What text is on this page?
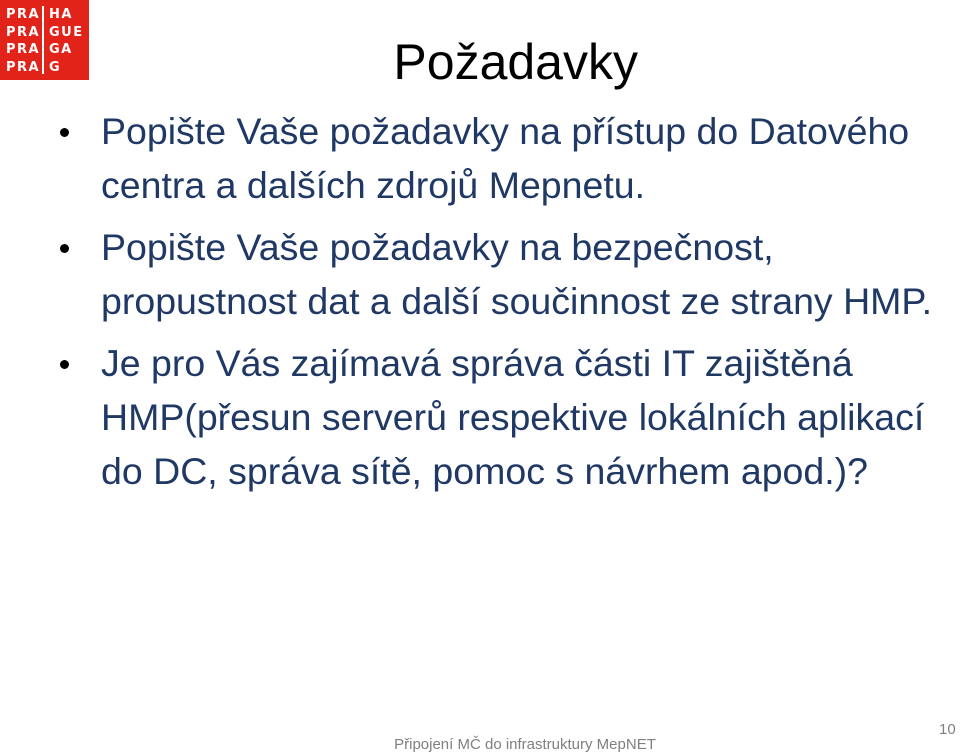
PRA HA
PRA GUE
PRA GA
PRA G	Požadavky
Popište Vaše požadavky na přístup do Datového centra a dalších zdrojů Mepnetu.
Popište Vaše požadavky na bezpečnost, propustnost dat a další součinnost ze strany HMP.
Je pro Vás zajímavá správa části IT zajištěná HMP(přesun serverů respektive lokálních aplikací do DC, správa sítě, pomoc s návrhem apod.)?
Připojení MČ do infrastruktury MepNET
10
